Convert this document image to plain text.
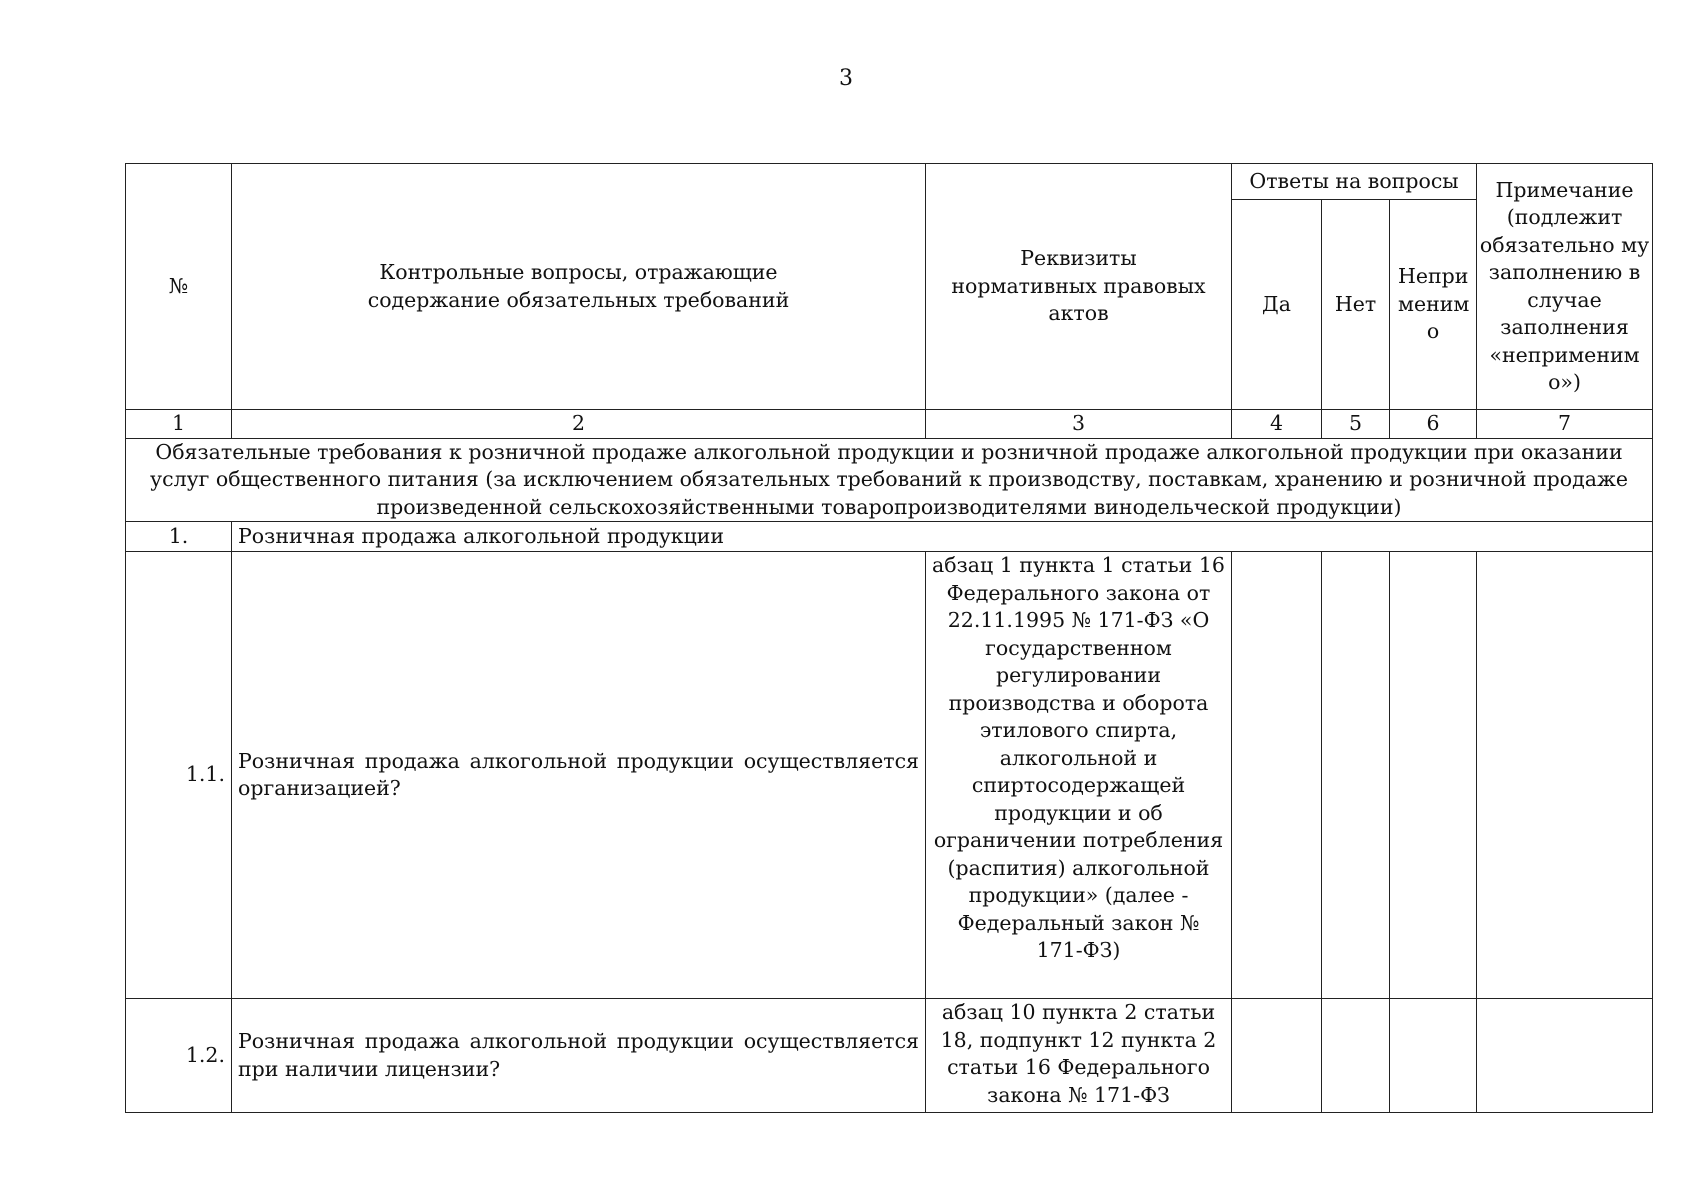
3
№	Контрольные вопросы, отражающие содержание обязательных требований	Реквизиты нормативных правовых актов	Ответы на вопросы			Примечание (подлежит обязательно му заполнению в случае заполнения «неприменим о»)
			Да	Нет	Непри меним о	
1	2	3	4	5	6	7
Обязательные требования к розничной продаже алкогольной продукции и розничной продаже алкогольной продукции при оказании услуг общественного питания (за исключением обязательных требований к производству, поставкам, хранению и розничной продаже произведенной сельскохозяйственными товаропроизводителями винодельческой продукции)						
1.	Розничная продажа алкогольной продукции					
1.1.	Розничная продажа алкогольной продукции осуществляется организацией?	абзац 1 пункта 1 статьи 16 Федерального закона от 22.11.1995 № 171-ФЗ «О государственном регулировании производства и оборота этилового спирта, алкогольной и спиртосодержащей продукции и об ограничении потребления (распития) алкогольной продукции» (далее - Федеральный закон № 171-ФЗ)				
1.2.	Розничная продажа алкогольной продукции осуществляется при наличии лицензии?	абзац 10 пункта 2 статьи 18, подпункт 12 пункта 2 статьи 16 Федерального закона № 171-ФЗ				
